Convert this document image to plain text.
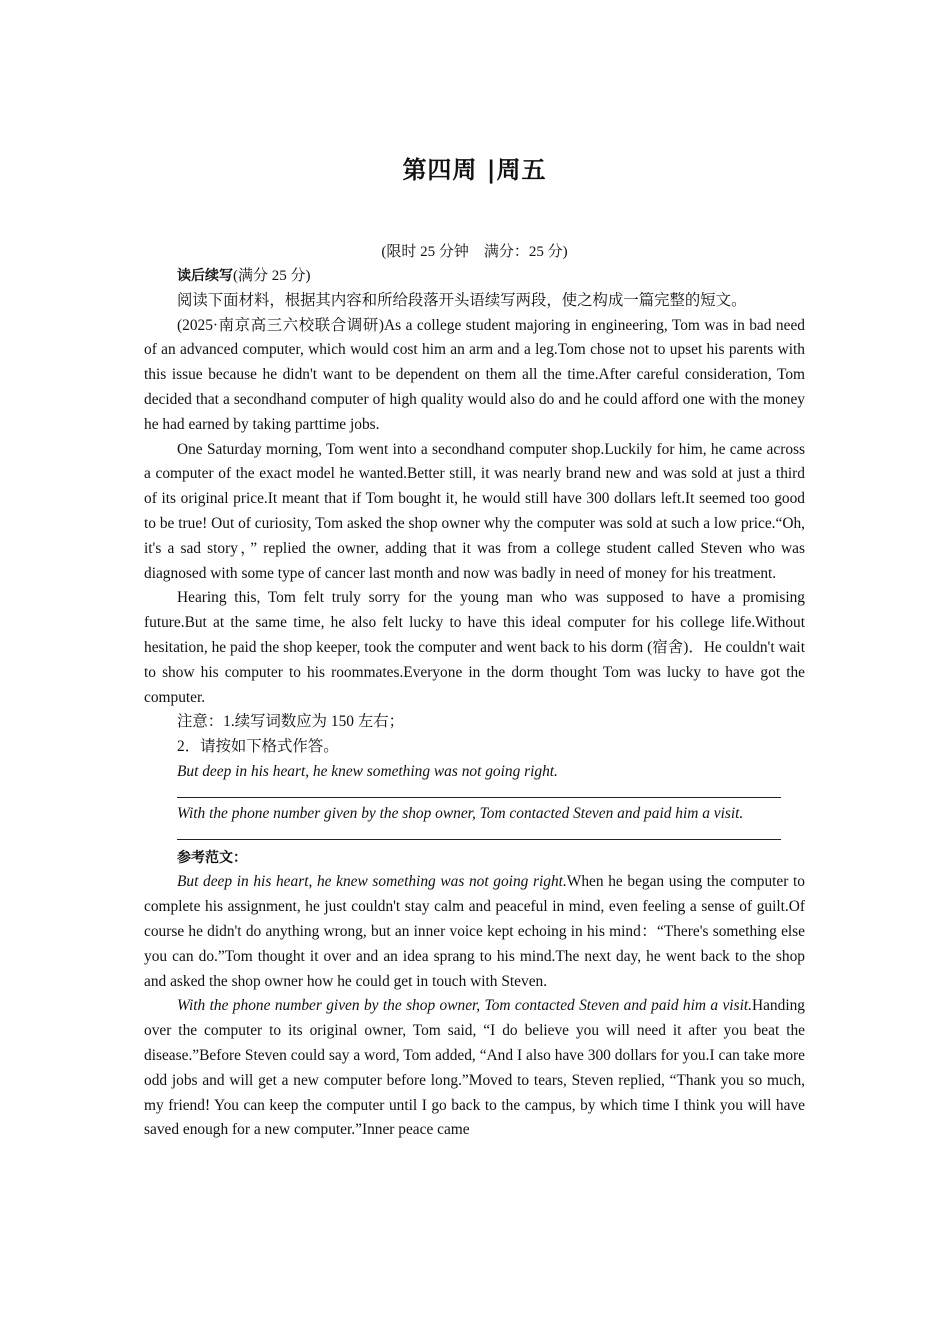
第四周 |周五

(限时 25 分钟　满分：25 分)

读后续写(满分 25 分)

阅读下面材料，根据其内容和所给段落开头语续写两段，使之构成一篇完整的短文。

(2025·南京高三六校联合调研)As a college student majoring in engineering, Tom was in bad need of an advanced computer, which would cost him an arm and a leg.Tom chose not to upset his parents with this issue because he didn't want to be dependent on them all the time.After careful consideration, Tom decided that a secondhand computer of high quality would also do and he could afford one with the money he had earned by taking parttime jobs.

One Saturday morning, Tom went into a secondhand computer shop.Luckily for him, he came across a computer of the exact model he wanted.Better still, it was nearly brand new and was sold at just a third of its original price.It meant that if Tom bought it, he would still have 300 dollars left.It seemed too good to be true! Out of curiosity, Tom asked the shop owner why the computer was sold at such a low price.“Oh, it's a sad story，” replied the owner, adding that it was from a college student called Steven who was diagnosed with some type of cancer last month and now was badly in need of money for his treatment.

Hearing this, Tom felt truly sorry for the young man who was supposed to have a promising future.But at the same time, he also felt lucky to have this ideal computer for his college life.Without hesitation, he paid the shop keeper, took the computer and went back to his dorm (宿舍)．He couldn't wait to show his computer to his roommates.Everyone in the dorm thought Tom was lucky to have got the computer.

注意：1.续写词数应为 150 左右；

2．请按如下格式作答。

But deep in his heart, he knew something was not going right.

With the phone number given by the shop owner, Tom contacted Steven and paid him a visit.

参考范文：

But deep in his heart, he knew something was not going right.When he began using the computer to complete his assignment, he just couldn't stay calm and peaceful in mind, even feeling a sense of guilt.Of course he didn't do anything wrong, but an inner voice kept echoing in his mind：“There's something else you can do.”Tom thought it over and an idea sprang to his mind.The next day, he went back to the shop and asked the shop owner how he could get in touch with Steven.

With the phone number given by the shop owner, Tom contacted Steven and paid him a visit.Handing over the computer to its original owner, Tom said, “I do believe you will need it after you beat the disease.”Before Steven could say a word, Tom added, “And I also have 300 dollars for you.I can take more odd jobs and will get a new computer before long.”Moved to tears, Steven replied, “Thank you so much, my friend! You can keep the computer until I go back to the campus, by which time I think you will have saved enough for a new computer.”Inner peace came
